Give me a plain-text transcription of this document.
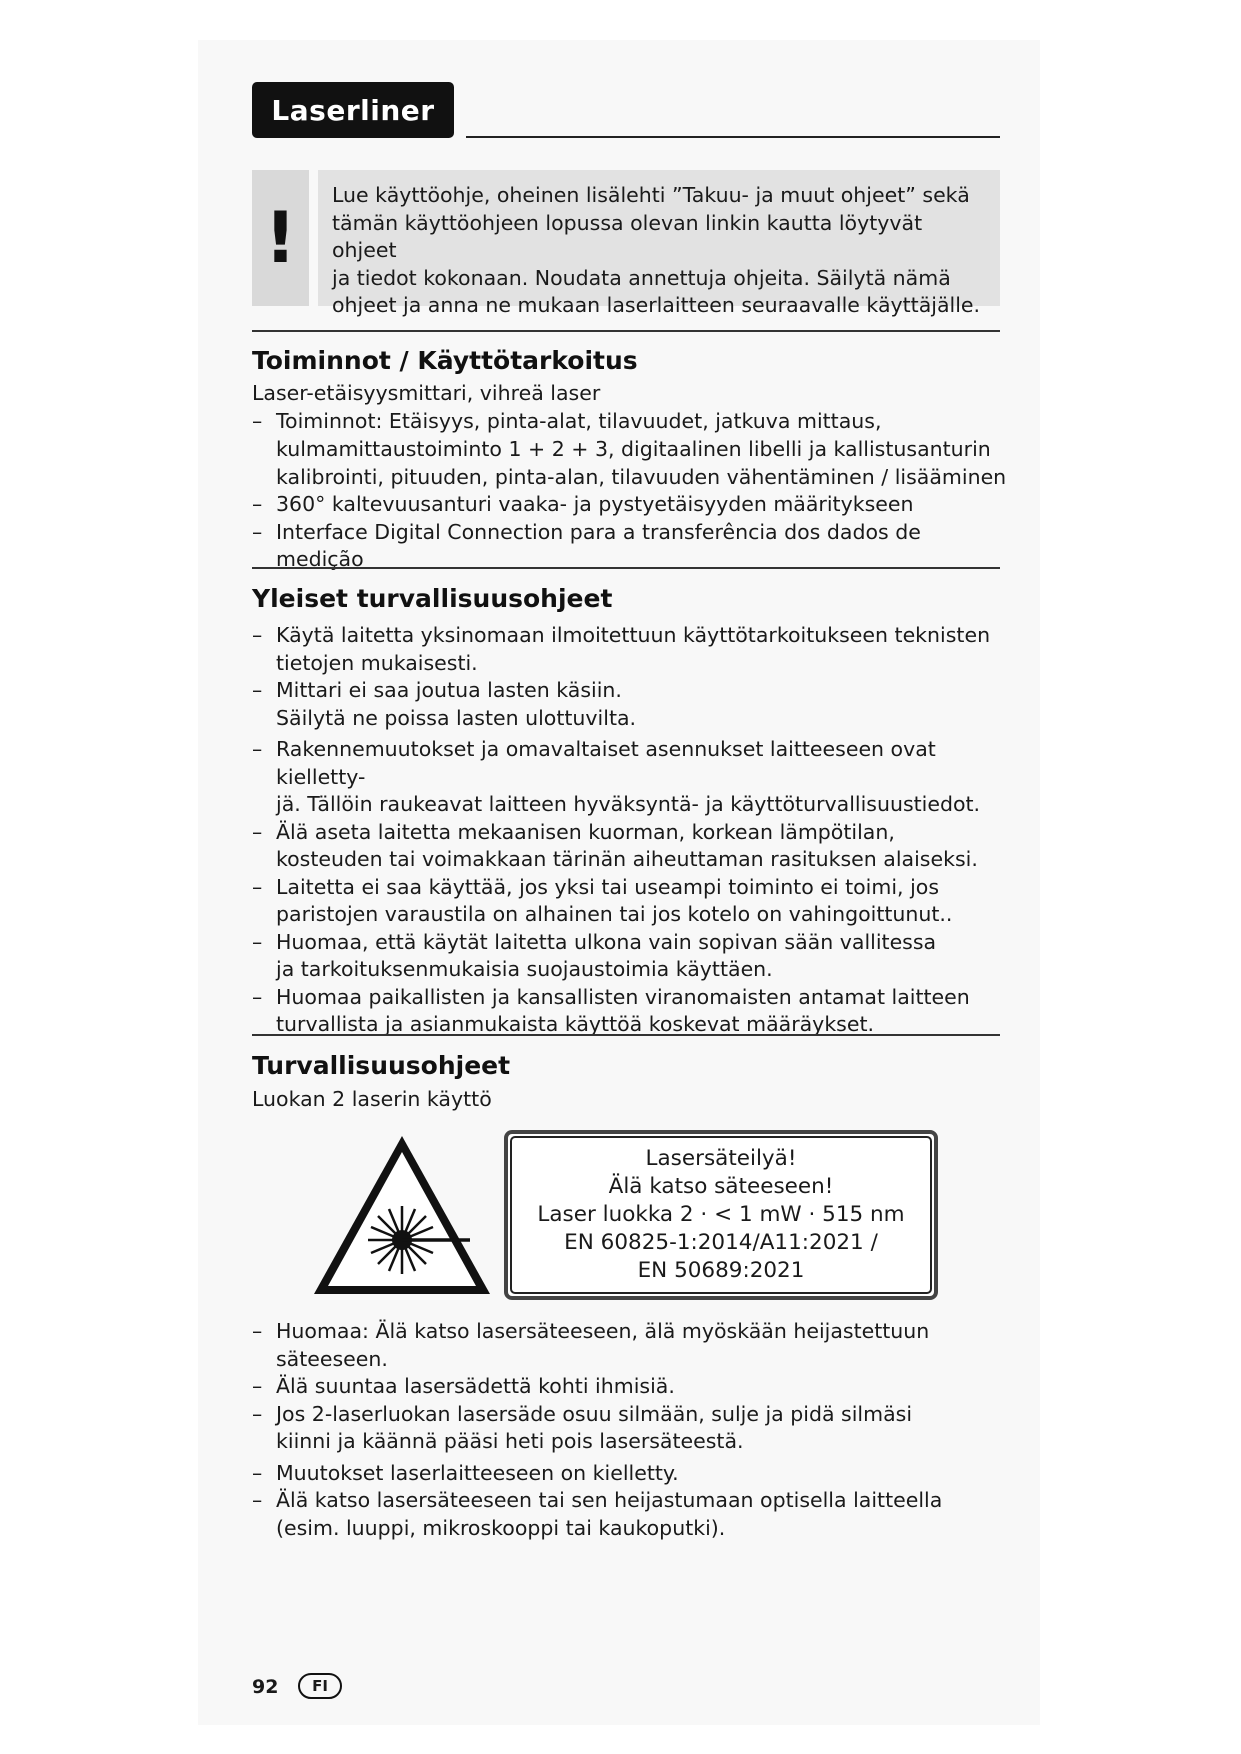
Laserliner
!
Lue käyttöohje, oheinen lisälehti ”Takuu- ja muut ohjeet” sekä
tämän käyttöohjeen lopussa olevan linkin kautta löytyvät ohjeet
ja tiedot kokonaan. Noudata annettuja ohjeita. Säilytä nämä
ohjeet ja anna ne mukaan laserlaitteen seuraavalle käyttäjälle.
Toiminnot / Käyttötarkoitus
Laser-etäisyysmittari, vihreä laser
– Toiminnot: Etäisyys, pinta-alat, tilavuudet, jatkuva mittaus,
kulmamittaustoiminto 1 + 2 + 3, digitaalinen libelli ja kallistusanturin
kalibrointi, pituuden, pinta-alan, tilavuuden vähentäminen / lisääminen
– 360° kaltevuusanturi vaaka- ja pystyetäisyyden määritykseen
– Interface Digital Connection para a transferência dos dados de medição
Yleiset turvallisuusohjeet
– Käytä laitetta yksinomaan ilmoitettuun käyttötarkoitukseen teknisten
tietojen mukaisesti.
– Mittari ei saa joutua lasten käsiin.
Säilytä ne poissa lasten ulottuvilta.
– Rakennemuutokset ja omavaltaiset asennukset laitteeseen ovat kielletty-
jä. Tällöin raukeavat laitteen hyväksyntä- ja käyttöturvallisuustiedot.
– Älä aseta laitetta mekaanisen kuorman, korkean lämpötilan,
kosteuden tai voimakkaan tärinän aiheuttaman rasituksen alaiseksi.
– Laitetta ei saa käyttää, jos yksi tai useampi toiminto ei toimi, jos
paristojen varaustila on alhainen tai jos kotelo on vahingoittunut..
– Huomaa, että käytät laitetta ulkona vain sopivan sään vallitessa
ja tarkoituksenmukaisia suojaustoimia käyttäen.
– Huomaa paikallisten ja kansallisten viranomaisten antamat laitteen
turvallista ja asianmukaista käyttöä koskevat määräykset.
Turvallisuusohjeet
Luokan 2 laserin käyttö
Lasersäteilyä!
Älä katso säteeseen!
Laser luokka 2 · < 1 mW · 515 nm
EN 60825-1:2014/A11:2021 /
EN 50689:2021
– Huomaa: Älä katso lasersäteeseen, älä myöskään heijastettuun säteeseen.
– Älä suuntaa lasersädettä kohti ihmisiä.
– Jos 2-laserluokan lasersäde osuu silmään, sulje ja pidä silmäsi
kiinni ja käännä pääsi heti pois lasersäteestä.
– Muutokset laserlaitteeseen on kielletty.
– Älä katso lasersäteeseen tai sen heijastumaan optisella laitteella
(esim. luuppi, mikroskooppi tai kaukoputki).
92	FI
